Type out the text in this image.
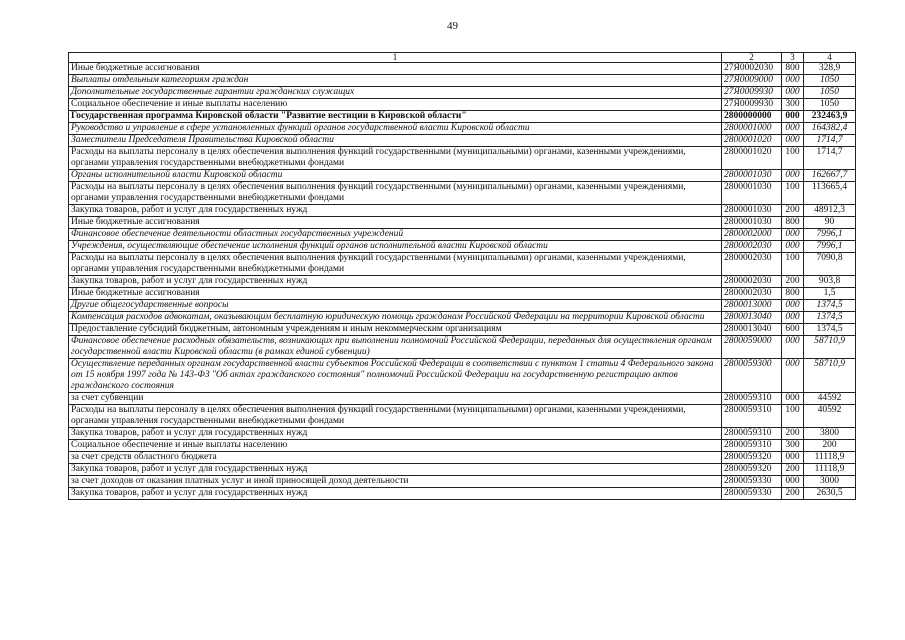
49
1	2	3	4
Иные бюджетные ассигнования	27Я0002030	800	328,9
Выплаты отдельным категориям граждан	27Я0009000	000	1050
Дополнительные государственные гарантии гражданских служащих	27Я0009930	000	1050
Социальное обеспечение и иные выплаты населению	27Я0009930	300	1050
Государственная программа Кировской области "Развитие вестиции в Кировской области"	2800000000	000	232463,9
Руководство и управление в сфере установленных функций органов государственной власти Кировской области	2800001000	000	164382,4
Заместители Председателя Правительства Кировской области	2800001020	000	1714,7
Расходы на выплаты персоналу в целях обеспечения выполнения функций государственными (муниципальными) органами, казенными учреждениями, органами управления государственными внебюджетными фондами	2800001020	100	1714,7
Органы исполнительной власти Кировской области	2800001030	000	162667,7
Расходы на выплаты персоналу в целях обеспечения выполнения функций государственными (муниципальными) органами, казенными учреждениями, органами управления государственными внебюджетными фондами	2800001030	100	113665,4
Закупка товаров, работ и услуг для государственных нужд	2800001030	200	48912,3
Иные бюджетные ассигнования	2800001030	800	90
Финансовое обеспечение деятельности областных государственных учреждений	2800002000	000	7996,1
Учреждения, осуществляющие обеспечение исполнения функций органов исполнительной власти Кировской области	2800002030	000	7996,1
Расходы на выплаты персоналу в целях обеспечения выполнения функций государственными (муниципальными) органами, казенными учреждениями, органами управления государственными внебюджетными фондами	2800002030	100	7090,8
Закупка товаров, работ и услуг для государственных нужд	2800002030	200	903,8
Иные бюджетные ассигнования	2800002030	800	1,5
Другие общегосударственные вопросы	2800013000	000	1374,5
Компенсация расходов адвокатам, оказывающим бесплатную юридическую помощь гражданам Российской Федерации на территории Кировской области	2800013040	000	1374,5
Предоставление субсидий бюджетным, автономным учреждениям и иным некоммерческим организациям	2800013040	600	1374,5
Финансовое обеспечение расходных обязательств, возникающих при выполнении полномочий Российской Федерации, переданных для осуществления органам государственной власти Кировской области (в рамках единой субвенции)	2800059000	000	58710,9
Осуществление переданных органам государственной власти субъектов Российской Федерации в соответствии с пунктом 1 статьи 4 Федерального закона от 15 ноября 1997 года № 143-ФЗ "Об актах гражданского состояния" полномочий Российской Федерации на государственную регистрацию актов гражданского состояния	2800059300	000	58710,9
за счет субвенции	2800059310	000	44592
Расходы на выплаты персоналу в целях обеспечения выполнения функций государственными (муниципальными) органами, казенными учреждениями, органами управления государственными внебюджетными фондами	2800059310	100	40592
Закупка товаров, работ и услуг для государственных нужд	2800059310	200	3800
Социальное обеспечение и иные выплаты населению	2800059310	300	200
за счет средств областного бюджета	2800059320	000	11118,9
Закупка товаров, работ и услуг для государственных нужд	2800059320	200	11118,9
за счет доходов от оказания платных услуг и иной приносящей доход деятельности	2800059330	000	3000
Закупка товаров, работ и услуг для государственных нужд	2800059330	200	2630,5
